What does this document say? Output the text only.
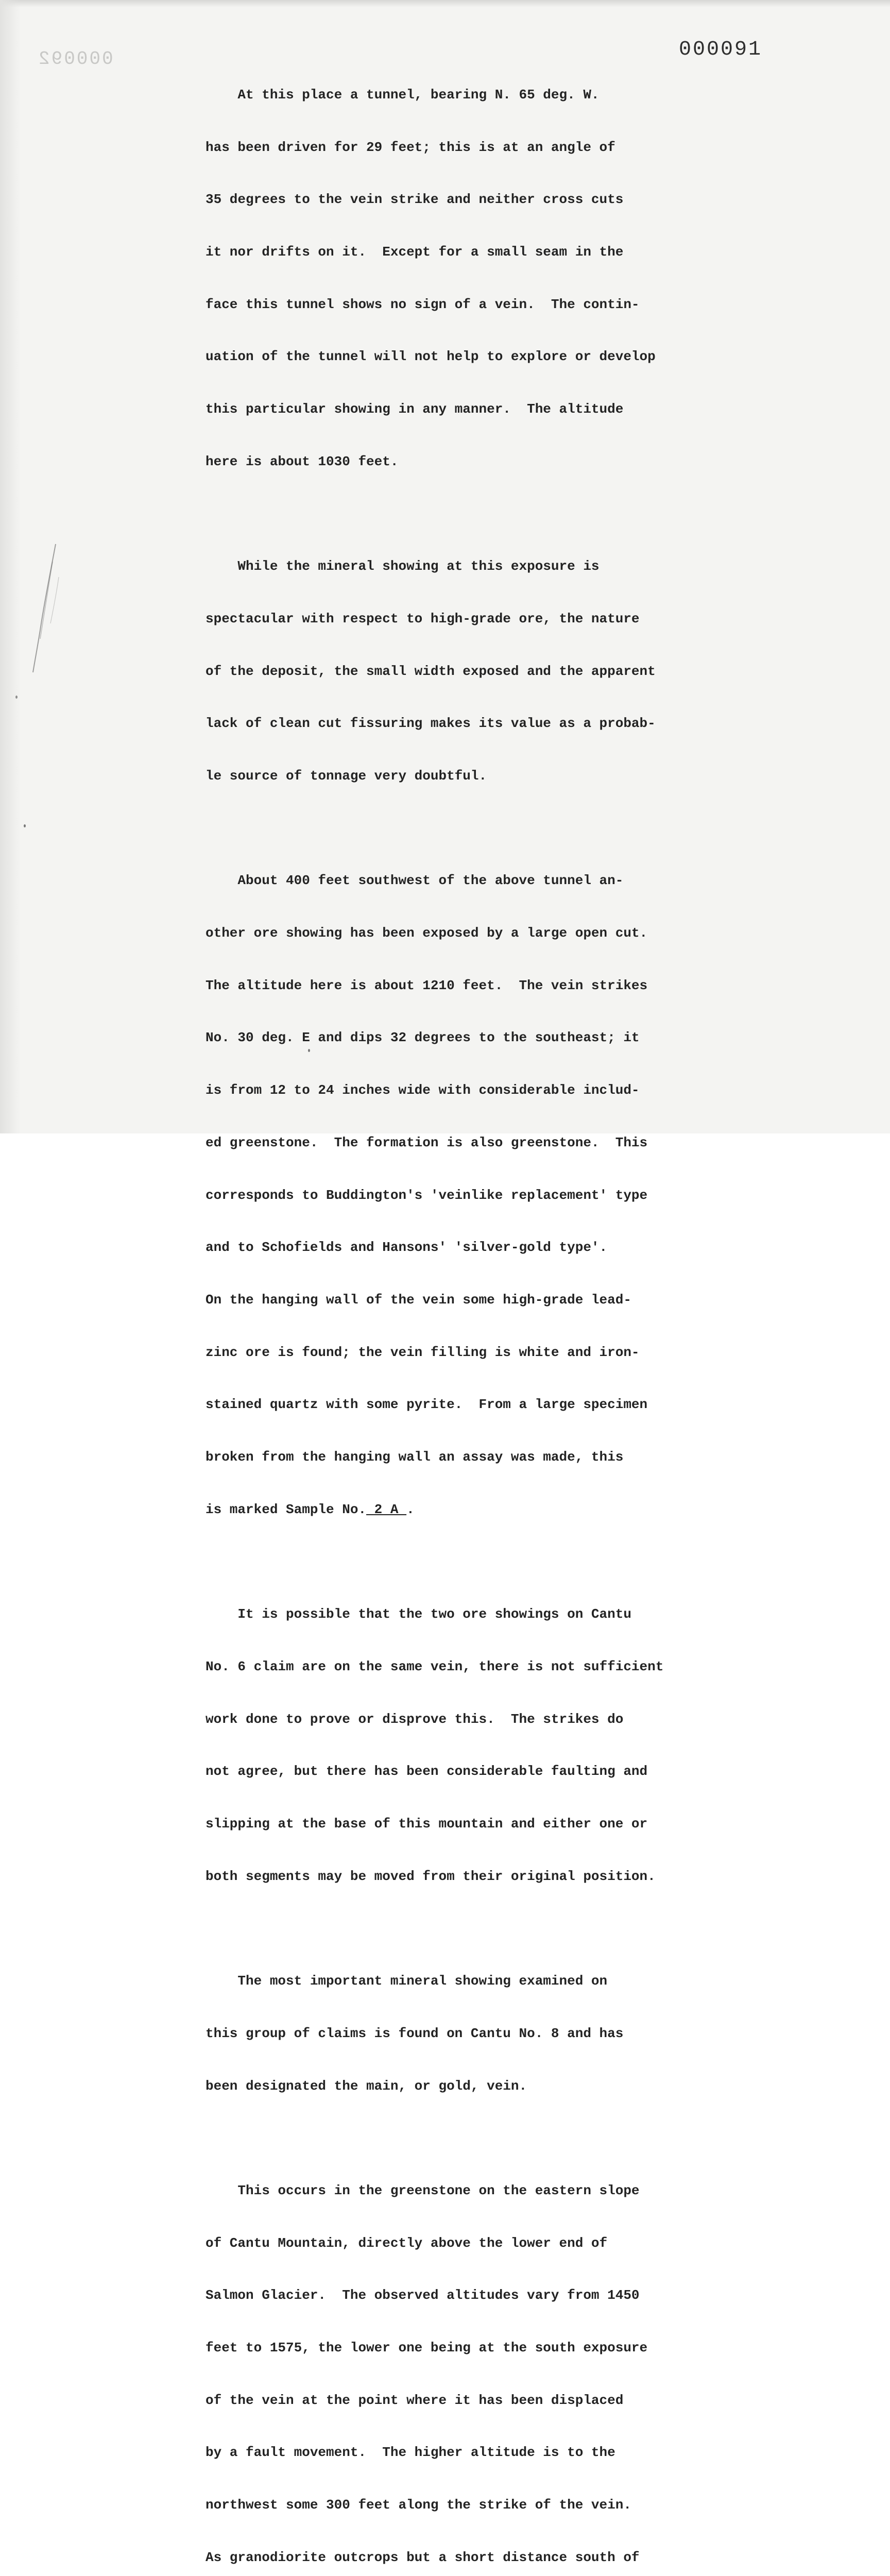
000092	000091

At this place a tunnel, bearing N. 65 deg. W.

has been driven for 29 feet; this is at an angle of

35 degrees to the vein strike and neither cross cuts

it nor drifts on it.  Except for a small seam in the

face this tunnel shows no sign of a vein.  The contin-

uation of the tunnel will not help to explore or develop

this particular showing in any manner.  The altitude

here is about 1030 feet.

While the mineral showing at this exposure is

spectacular with respect to high-grade ore, the nature

of the deposit, the small width exposed and the apparent

lack of clean cut fissuring makes its value as a probab-

le source of tonnage very doubtful.

About 400 feet southwest of the above tunnel an-

other ore showing has been exposed by a large open cut.

The altitude here is about 1210 feet.  The vein strikes

No. 30 deg. E and dips 32 degrees to the southeast; it

is from 12 to 24 inches wide with considerable includ-

ed greenstone.  The formation is also greenstone.  This

corresponds to Buddington's 'veinlike replacement' type

and to Schofields and Hansons' 'silver-gold type'.

On the hanging wall of the vein some high-grade lead-

zinc ore is found; the vein filling is white and iron-

stained quartz with some pyrite.  From a large specimen

broken from the hanging wall an assay was made, this

is marked Sample No. 2 A .

It is possible that the two ore showings on Cantu

No. 6 claim are on the same vein, there is not sufficient

work done to prove or disprove this.  The strikes do

not agree, but there has been considerable faulting and

slipping at the base of this mountain and either one or

both segments may be moved from their original position.

The most important mineral showing examined on

this group of claims is found on Cantu No. 8 and has

been designated the main, or gold, vein.

This occurs in the greenstone on the eastern slope

of Cantu Mountain, directly above the lower end of

Salmon Glacier.  The observed altitudes vary from 1450

feet to 1575, the lower one being at the south exposure

of the vein at the point where it has been displaced

by a fault movement.  The higher altitude is to the

northwest some 300 feet along the strike of the vein.

As granodiorite outcrops but a short distance south of
